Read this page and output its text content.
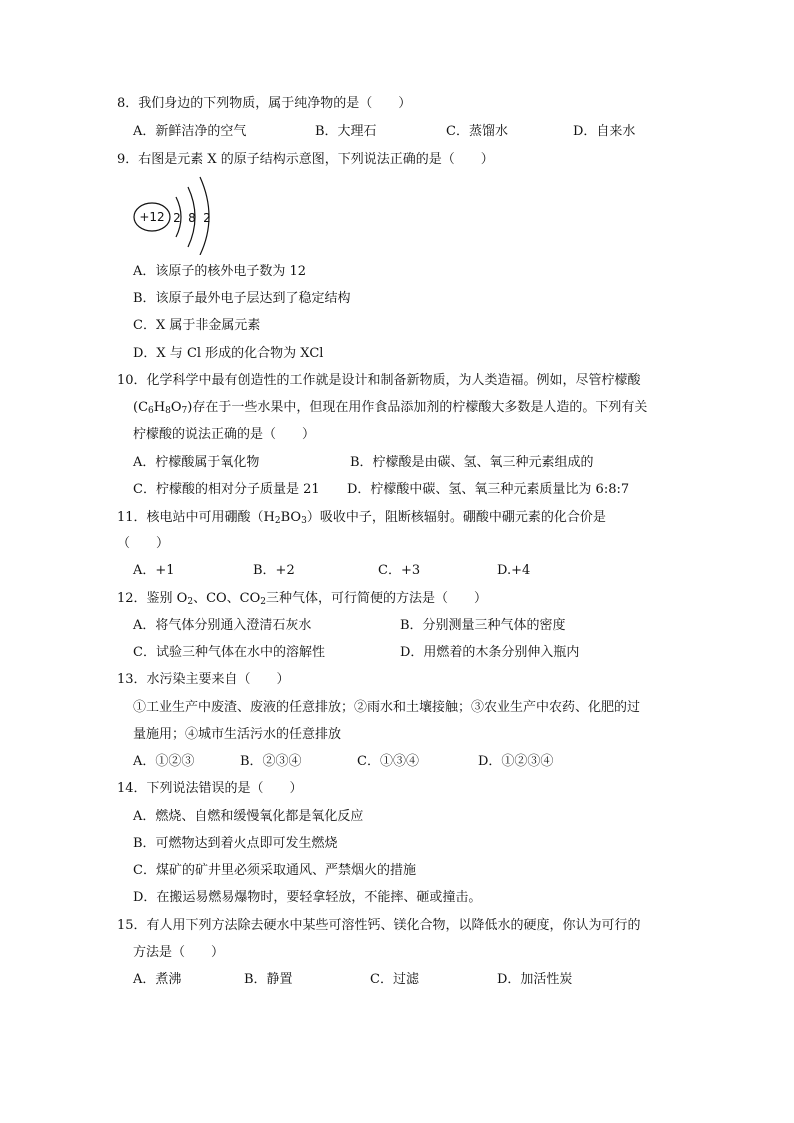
8．我们身边的下列物质，属于纯净物的是（　　）
A．新鲜洁净的空气	B．大理石	C．蒸馏水	D．自来水
9．右图是元素 X 的原子结构示意图，下列说法正确的是（　　）
+12 2 8 2
A．该原子的核外电子数为 12
B．该原子最外电子层达到了稳定结构
C．X 属于非金属元素
D．X 与 Cl 形成的化合物为 XCl
10．化学科学中最有创造性的工作就是设计和制备新物质，为人类造福。例如，尽管柠檬酸
$(C_6H_8O_7)$存在于一些水果中，但现在用作食品添加剂的柠檬酸大多数是人造的。下列有关
柠檬酸的说法正确的是（　　）
A．柠檬酸属于氧化物	B．柠檬酸是由碳、氢、氧三种元素组成的
C．柠檬酸的相对分子质量是 21 D．柠檬酸中碳、氢、氧三种元素质量比为 6:8:7
11．核电站中可用硼酸$(H_2BO_3)$吸收中子，阻断核辐射。硼酸中硼元素的化合价是
（　　）
A．+1	B．+2	C．+3	D.+4
12．鉴别 $O_2$、CO、$CO_2$三种气体，可行简便的方法是（　　）
A．将气体分别通入澄清石灰水	B．分别测量三种气体的密度
C．试验三种气体在水中的溶解性	D．用燃着的木条分别伸入瓶内
13．水污染主要来自（　　）
①工业生产中废渣、废液的任意排放；②雨水和土壤接触；③农业生产中农药、化肥的过
量施用；④城市生活污水的任意排放
A．①②③	B．②③④	C．①③④	D．①②③④
14．下列说法错误的是（　　）
A．燃烧、自燃和缓慢氧化都是氧化反应
B．可燃物达到着火点即可发生燃烧
C．煤矿的矿井里必须采取通风、严禁烟火的措施
D．在搬运易燃易爆物时，要轻拿轻放，不能摔、砸或撞击。
15．有人用下列方法除去硬水中某些可溶性钙、镁化合物，以降低水的硬度，你认为可行的
方法是（　　）
A．煮沸	B．静置	C．过滤	D．加活性炭
